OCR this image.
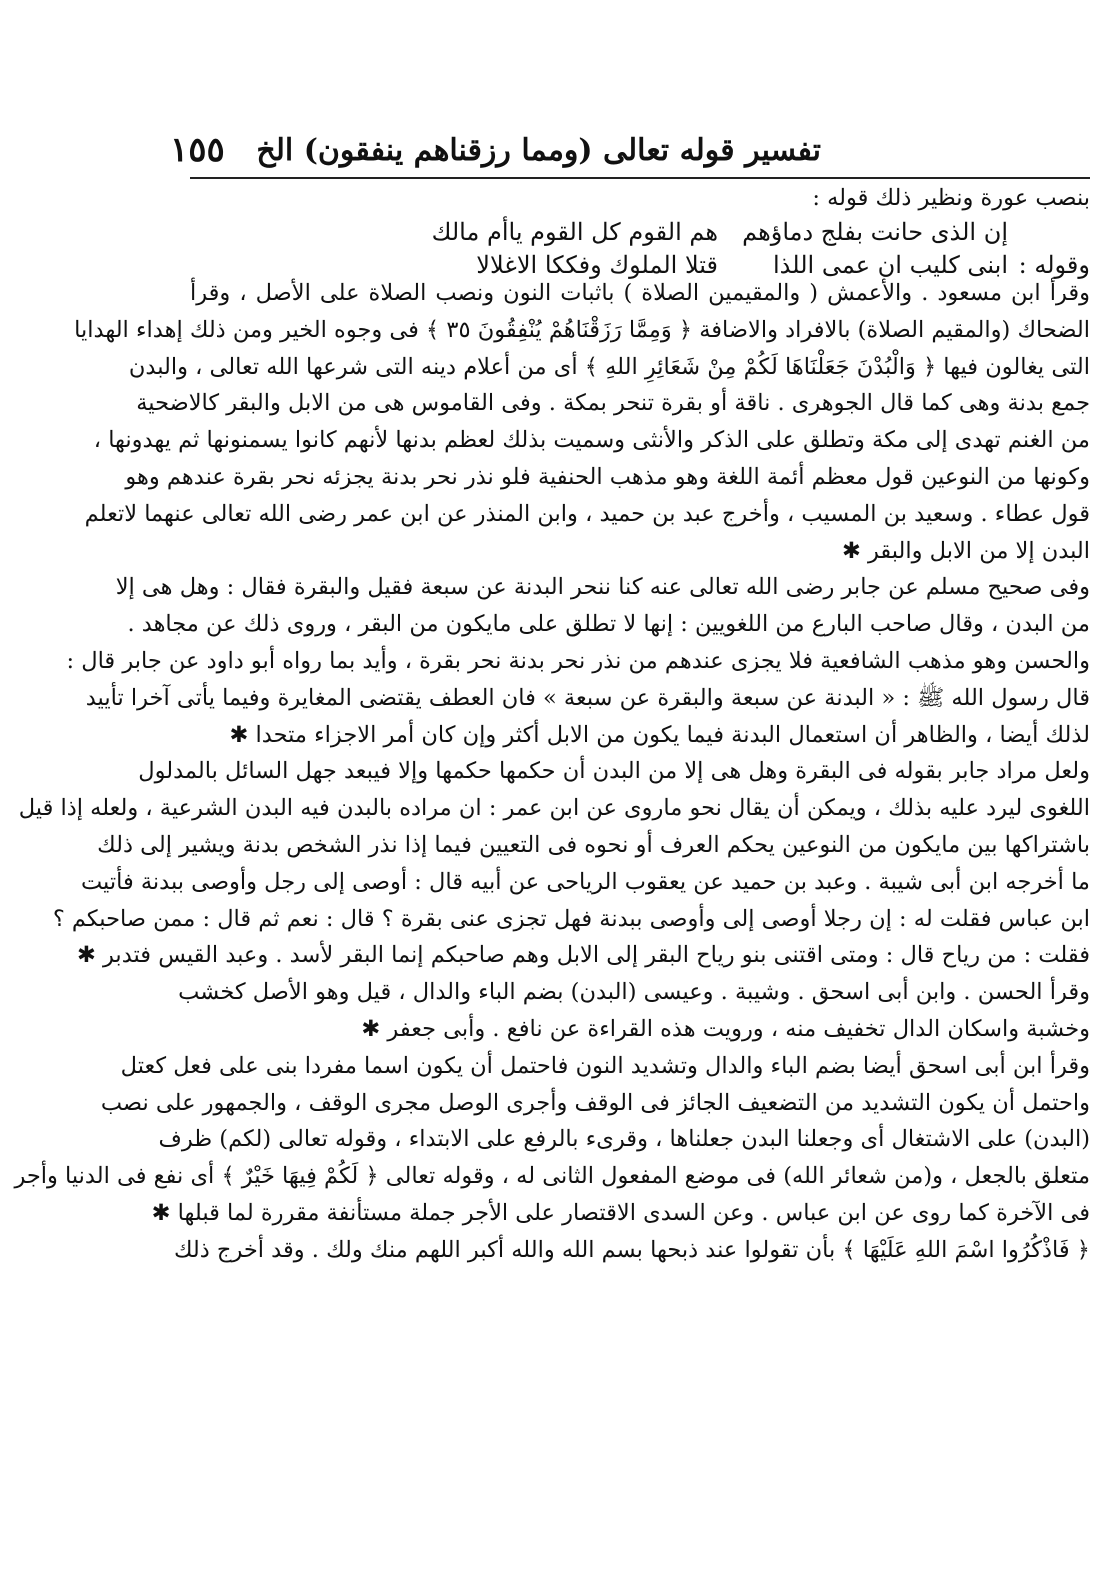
تفسير قوله تعالى (ومما رزقناهم ينفقون) الخ
١٥٥
بنصب عورة ونظير ذلك قوله :
إن الذى حانت بفلج دماؤهم
هم القوم كل القوم ياأم مالك
وقوله :
ابنى كليب ان عمى اللذا
قتلا الملوك وفككا الاغلالا
وقرأ ابن مسعود . والأعمش ( والمقيمين الصلاة ) باثبات النون ونصب الصلاة على الأصل ، وقرأ
الضحاك (والمقيم الصلاة) بالافراد والاضافة ﴿ وَمِمَّا رَزَقْنَاهُمْ يُنْفِقُونَ ٣٥ ﴾ فى وجوه الخير ومن ذلك إهداء الهدايا
التى يغالون فيها ﴿ وَالْبُدْنَ جَعَلْنَاهَا لَكُمْ مِنْ شَعَائِرِ اللهِ ﴾ أى من أعلام دينه التى شرعها الله تعالى ، والبدن
جمع بدنة وهى كما قال الجوهرى . ناقة أو بقرة تنحر بمكة . وفى القاموس هى من الابل والبقر كالاضحية
من الغنم تهدى إلى مكة وتطلق على الذكر والأنثى وسميت بذلك لعظم بدنها لأنهم كانوا يسمنونها ثم يهدونها ،
وكونها من النوعين قول معظم أئمة اللغة وهو مذهب الحنفية فلو نذر نحر بدنة يجزئه نحر بقرة عندهم وهو
قول عطاء . وسعيد بن المسيب ، وأخرج عبد بن حميد ، وابن المنذر عن ابن عمر رضى الله تعالى عنهما لاتعلم
البدن إلا من الابل والبقر ✱
وفى صحيح مسلم عن جابر رضى الله تعالى عنه كنا ننحر البدنة عن سبعة فقيل والبقرة فقال : وهل هى إلا
من البدن ، وقال صاحب البارع من اللغويين : إنها لا تطلق على مايكون من البقر ، وروى ذلك عن مجاهد .
والحسن وهو مذهب الشافعية فلا يجزى عندهم من نذر نحر بدنة نحر بقرة ، وأيد بما رواه أبو داود عن جابر قال :
قال رسول الله ﷺ : « البدنة عن سبعة والبقرة عن سبعة » فان العطف يقتضى المغايرة وفيما يأتى آخرا تأييد
لذلك أيضا ، والظاهر أن استعمال البدنة فيما يكون من الابل أكثر وإن كان أمر الاجزاء متحدا ✱
ولعل مراد جابر بقوله فى البقرة وهل هى إلا من البدن أن حكمها حكمها وإلا فيبعد جهل السائل بالمدلول
اللغوى ليرد عليه بذلك ، ويمكن أن يقال نحو ماروى عن ابن عمر : ان مراده بالبدن فيه البدن الشرعية ، ولعله إذا قيل
باشتراكها بين مايكون من النوعين يحكم العرف أو نحوه فى التعيين فيما إذا نذر الشخص بدنة ويشير إلى ذلك
ما أخرجه ابن أبى شيبة . وعبد بن حميد عن يعقوب الرياحى عن أبيه قال : أوصى إلى رجل وأوصى ببدنة فأتيت
ابن عباس فقلت له : إن رجلا أوصى إلى وأوصى ببدنة فهل تجزى عنى بقرة ؟ قال : نعم ثم قال : ممن صاحبكم ؟
فقلت : من رياح قال : ومتى اقتنى بنو رياح البقر إلى الابل وهم صاحبكم إنما البقر لأسد . وعبد القيس فتدبر ✱
وقرأ الحسن . وابن أبى اسحق . وشيبة . وعيسى (البدن) بضم الباء والدال ، قيل وهو الأصل كخشب
وخشبة واسكان الدال تخفيف منه ، ورويت هذه القراءة عن نافع . وأبى جعفر ✱
وقرأ ابن أبى اسحق أيضا بضم الباء والدال وتشديد النون فاحتمل أن يكون اسما مفردا بنى على فعل كعتل
واحتمل أن يكون التشديد من التضعيف الجائز فى الوقف وأجرى الوصل مجرى الوقف ، والجمهور على نصب
(البدن) على الاشتغال أى وجعلنا البدن جعلناها ، وقرىء بالرفع على الابتداء ، وقوله تعالى (لكم) ظرف
متعلق بالجعل ، و(من شعائر الله) فى موضع المفعول الثانى له ، وقوله تعالى ﴿ لَكُمْ فِيهَا خَيْرٌ ﴾ أى نفع فى الدنيا وأجر
فى الآخرة كما روى عن ابن عباس . وعن السدى الاقتصار على الأجر جملة مستأنفة مقررة لما قبلها ✱
﴿ فَاذْكُرُوا اسْمَ اللهِ عَلَيْهَا ﴾ بأن تقولوا عند ذبحها بسم الله والله أكبر اللهم منك ولك . وقد أخرج ذلك
